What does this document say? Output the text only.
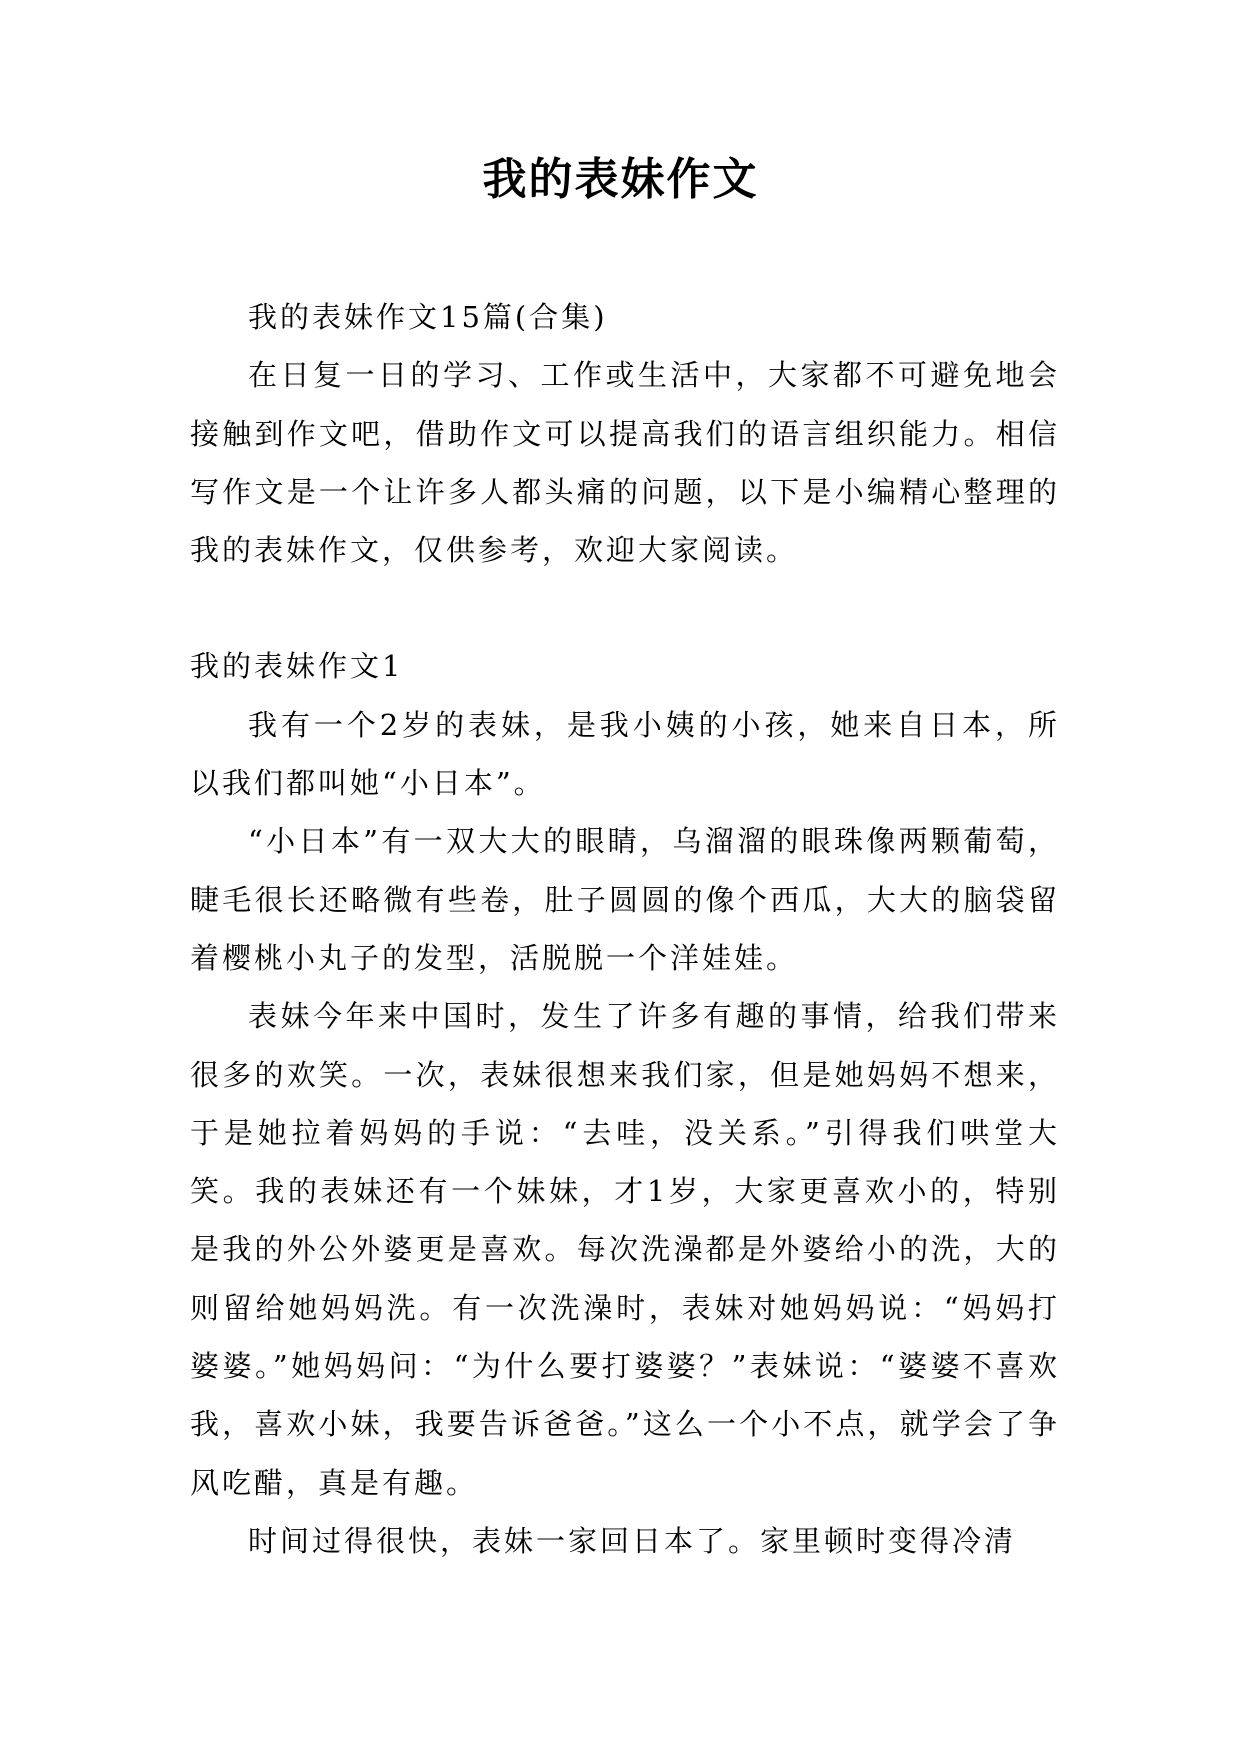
我的表妹作文

我的表妹作文15篇(合集)

在日复一日的学习、工作或生活中，大家都不可避免地会接触到作文吧，借助作文可以提高我们的语言组织能力。相信写作文是一个让许多人都头痛的问题，以下是小编精心整理的我的表妹作文，仅供参考，欢迎大家阅读。

我的表妹作文1

我有一个2岁的表妹，是我小姨的小孩，她来自日本，所以我们都叫她“小日本”。

“小日本”有一双大大的眼睛，乌溜溜的眼珠像两颗葡萄，睫毛很长还略微有些卷，肚子圆圆的像个西瓜，大大的脑袋留着樱桃小丸子的发型，活脱脱一个洋娃娃。

表妹今年来中国时，发生了许多有趣的事情，给我们带来很多的欢笑。一次，表妹很想来我们家，但是她妈妈不想来，于是她拉着妈妈的手说：“去哇，没关系。”引得我们哄堂大笑。我的表妹还有一个妹妹，才1岁，大家更喜欢小的，特别是我的外公外婆更是喜欢。每次洗澡都是外婆给小的洗，大的则留给她妈妈洗。有一次洗澡时，表妹对她妈妈说：“妈妈打婆婆。”她妈妈问：“为什么要打婆婆？”表妹说：“婆婆不喜欢我，喜欢小妹，我要告诉爸爸。”这么一个小不点，就学会了争风吃醋，真是有趣。

时间过得很快，表妹一家回日本了。家里顿时变得冷清
